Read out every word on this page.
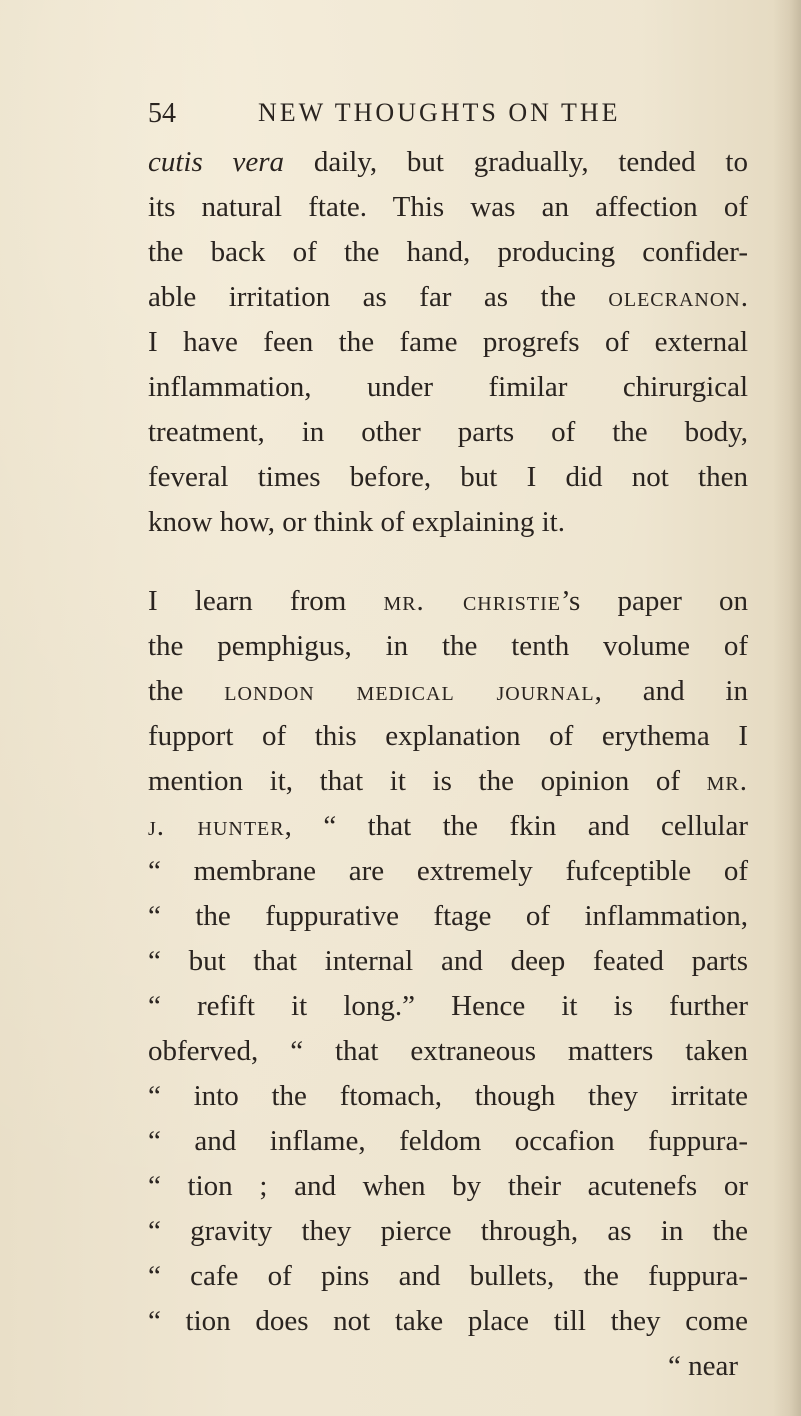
54	NEW THOUGHTS ON THE
cutis vera daily, but gradually, tended to
its natural ftate. This was an affection of
the back of the hand, producing confider-
able irritation as far as the olecranon.
I have feen the fame progrefs of external
inflammation, under fimilar chirurgical
treatment, in other parts of the body,
feveral times before, but I did not then
know how, or think of explaining it.
I learn from mr. christie’s paper on
the pemphigus, in the tenth volume of
the london medical journal, and in
fupport of this explanation of erythema I
mention it, that it is the opinion of mr.
j. hunter, “ that the fkin and cellular
“ membrane are extremely fufceptible of
“ the fuppurative ftage of inflammation,
“ but that internal and deep feated parts
“ refift it long.” Hence it is further
obferved, “ that extraneous matters taken
“ into the ftomach, though they irritate
“ and inflame, feldom occafion fuppura-
“ tion ; and when by their acutenefs or
“ gravity they pierce through, as in the
“ cafe of pins and bullets, the fuppura-
“ tion does not take place till they come
“ near
